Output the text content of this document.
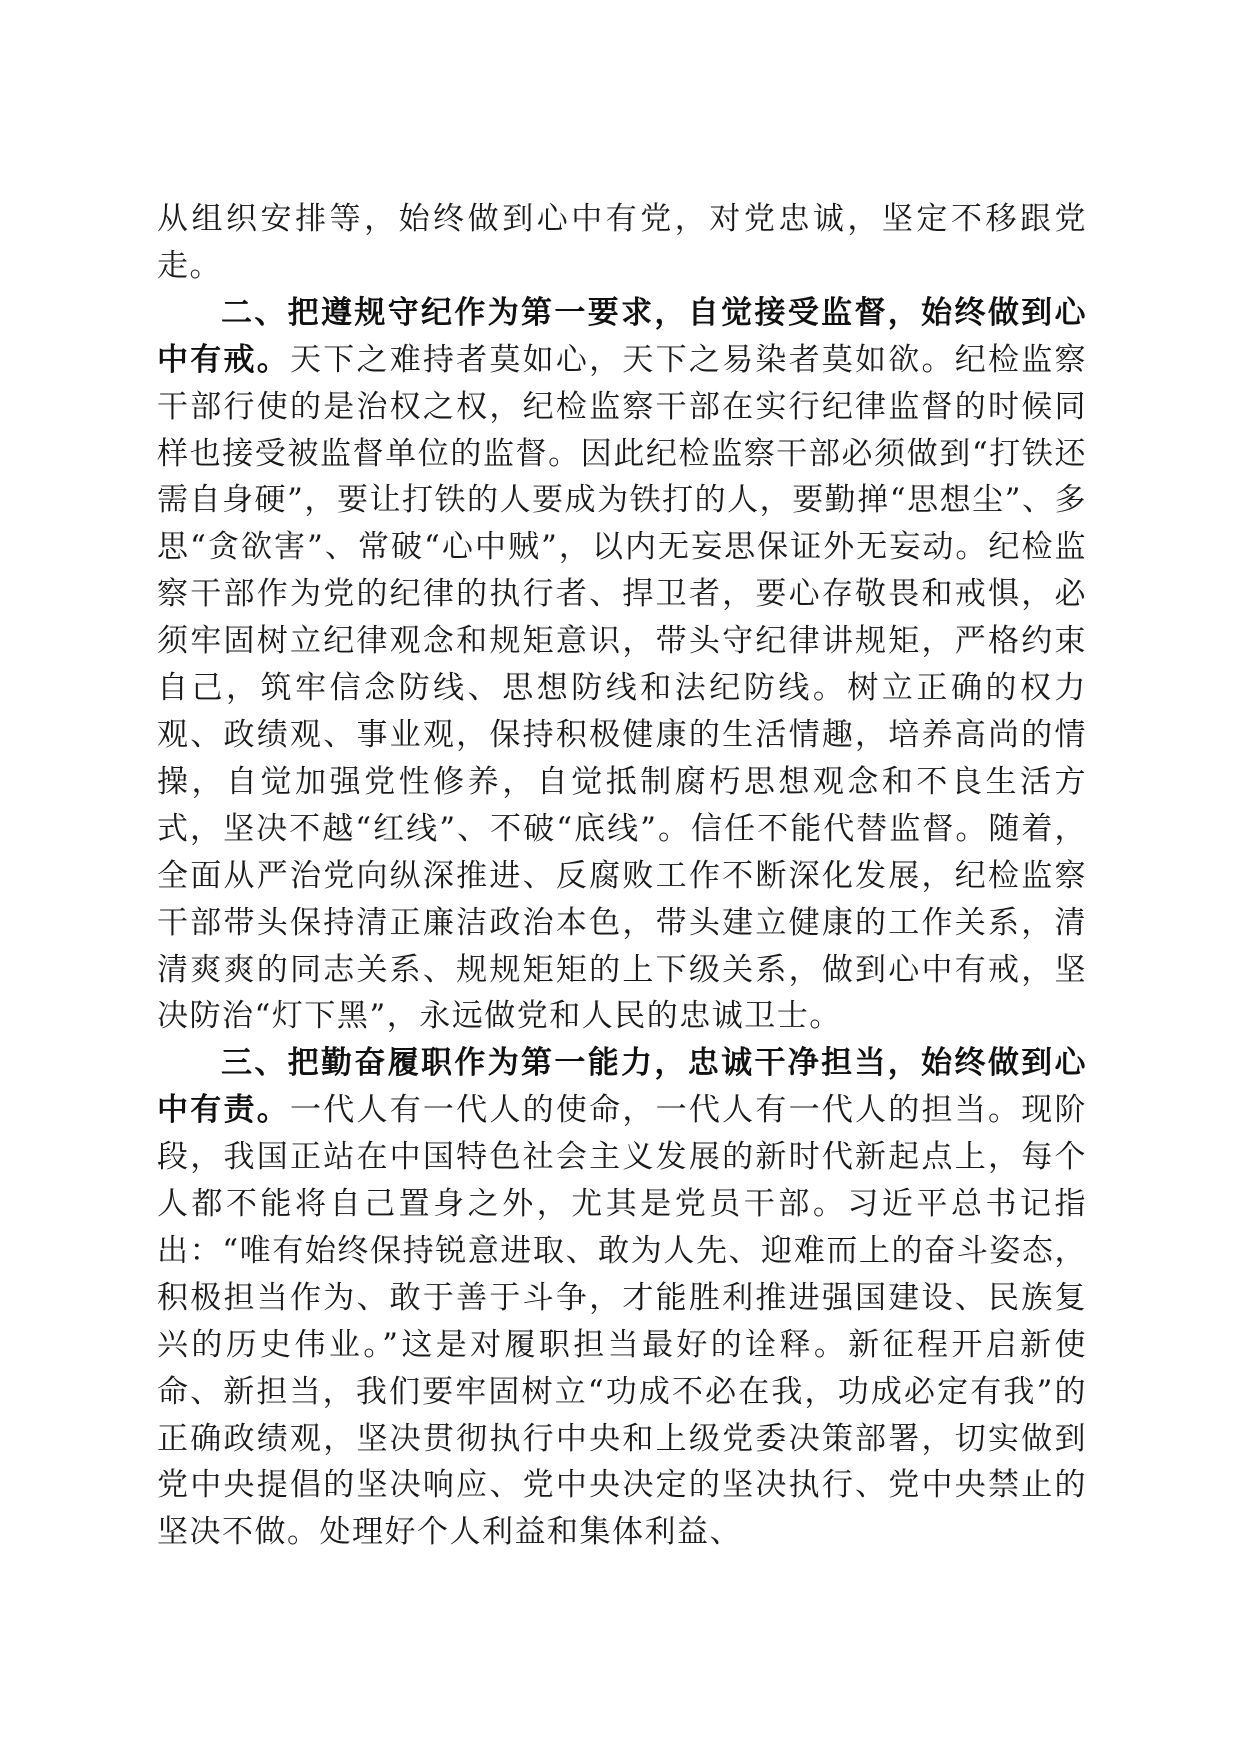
从组织安排等，始终做到心中有党，对党忠诚，坚定不移跟党走。

二、把遵规守纪作为第一要求，自觉接受监督，始终做到心中有戒。天下之难持者莫如心，天下之易染者莫如欲。纪检监察干部行使的是治权之权，纪检监察干部在实行纪律监督的时候同样也接受被监督单位的监督。因此纪检监察干部必须做到“打铁还需自身硬”，要让打铁的人要成为铁打的人，要勤掸“思想尘”、多思“贪欲害”、常破“心中贼”，以内无妄思保证外无妄动。纪检监察干部作为党的纪律的执行者、捍卫者，要心存敬畏和戒惧，必须牢固树立纪律观念和规矩意识，带头守纪律讲规矩，严格约束自己，筑牢信念防线、思想防线和法纪防线。树立正确的权力观、政绩观、事业观，保持积极健康的生活情趣，培养高尚的情操，自觉加强党性修养，自觉抵制腐朽思想观念和不良生活方式，坚决不越“红线”、不破“底线”。信任不能代替监督。随着，全面从严治党向纵深推进、反腐败工作不断深化发展，纪检监察干部带头保持清正廉洁政治本色，带头建立健康的工作关系，清清爽爽的同志关系、规规矩矩的上下级关系，做到心中有戒，坚决防治“灯下黑”，永远做党和人民的忠诚卫士。

三、把勤奋履职作为第一能力，忠诚干净担当，始终做到心中有责。一代人有一代人的使命，一代人有一代人的担当。现阶段，我国正站在中国特色社会主义发展的新时代新起点上，每个人都不能将自己置身之外，尤其是党员干部。习近平总书记指出：“唯有始终保持锐意进取、敢为人先、迎难而上的奋斗姿态，积极担当作为、敢于善于斗争，才能胜利推进强国建设、民族复兴的历史伟业。”这是对履职担当最好的诠释。新征程开启新使命、新担当，我们要牢固树立“功成不必在我，功成必定有我”的正确政绩观，坚决贯彻执行中央和上级党委决策部署，切实做到党中央提倡的坚决响应、党中央决定的坚决执行、党中央禁止的坚决不做。处理好个人利益和集体利益、
